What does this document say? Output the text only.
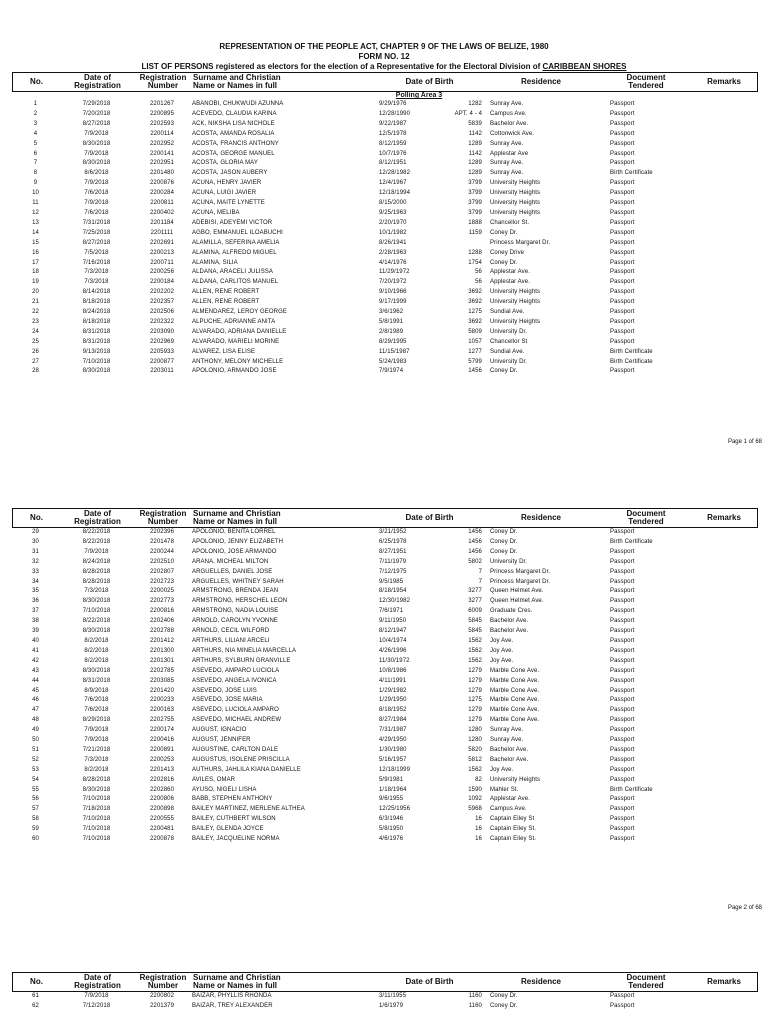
REPRESENTATION OF THE PEOPLE ACT, CHAPTER 9 OF THE LAWS OF BELIZE, 1980
FORM NO. 12
LIST OF PERSONS registered as electors for the election of a Representative for the Electoral Division of CARIBBEAN SHORES
No.	Date of
Registration

Registration
Number

Surname and Christian
Name or Names in full	Date of Birth	Residence	Document
Tendered	Remarks
Polling Area 3
1	7/29/2018	2201267	ABANOBI, CHUKWUDI AZUNNA	9/29/1976	1282	Sunray Ave.	Passport	
2	7/20/2018	2200895	ACEVEDO, CLAUDIA KARINA	12/28/1990	APT. 4 - 4	Campus Ave.	Passport	
3	8/27/2018	2202593	ACK, NIKSHA LISA NICHOLE	9/22/1987	5839	Bachelor Ave.	Passport	
4	7/9/2018	2200114	ACOSTA, AMANDA ROSALIA	12/5/1978	1142	Cottonwick Ave.	Passport	
5	8/30/2018	2202952	ACOSTA, FRANCIS ANTHONY	8/12/1959	1289	Sunray Ave.	Passport	
6	7/9/2018	2200141	ACOSTA, GEORGE MANUEL	10/7/1976	1142	Applestar Ave	Passport	
7	8/30/2018	2202951	ACOSTA, GLORIA MAY	8/12/1951	1289	Sunray Ave.	Passport	
8	8/6/2018	2201480	ACOSTA, JASON AUBERY	12/28/1982	1289	Sunray Ave.	Birth Certificate	
9	7/9/2018	2200876	ACUNA, HENRY JAVIER	12/4/1967	3799	University Heights	Passport	
10	7/6/2018	2200284	ACUNA, LUIGI JAVIER	12/18/1994	3799	University Heights	Passport	
11	7/9/2018	2200811	ACUNA, MAITE LYNETTE	8/15/2000	3799	University Heights	Passport	
12	7/6/2018	2200402	ACUNA, MELIBA	9/25/1963	3799	University Heights	Passport	
13	7/31/2018	2201184	ADEBISI, ADEYEMI VICTOR	2/20/1970	1888	Chancellor St.	Passport	
14	7/25/2018	2201111	AGBO, EMMANUEL ILOABUCHI	10/1/1982	1159	Coney Dr.	Passport	
15	8/27/2018	2202691	ALAMILLA, SEFERINA AMELIA	8/26/1941		Princess Margaret Dr.	Passport	
16	7/5/2018	2200213	ALAMINA, ALFREDO MIGUEL	2/28/1963	1288	Coney Drive	Passport	
17	7/16/2018	2200711	ALAMINA, SILIA	4/14/1976	1754	Coney Dr.	Passport	
18	7/3/2018	2200256	ALDANA, ARACELI JULISSA	11/29/1972	56	Applestar Ave.	Passport	
19	7/3/2018	2200184	ALDANA, CARLITOS MANUEL	7/20/1972	56	Applestar Ave.	Passport	
20	8/14/2018	2202202	ALLEN, RENE ROBERT	9/10/1966	3692	University Heights	Passport	
21	8/18/2018	2202357	ALLEN, RENE ROBERT	9/17/1999	3692	University Heights	Passport	
22	8/24/2018	2202506	ALMENDAREZ, LEROY GEORGE	3/6/1962	1275	Sundial Ave.	Passport	
23	8/18/2018	2202322	ALPUCHE, ADRIANNE ANITA	5/8/1991	3692	University Heights	Passport	
24	8/31/2018	2203090	ALVARADO, ADRIANA DANIELLE	2/8/1989	5809	University Dr.	Passport	
25	8/31/2018	2202969	ALVARADO, MARIELI MORINE	8/29/1995	1057	Chancellor St	Passport	
26	9/13/2018	2205933	ALVAREZ, LISA ELISE	11/15/1987	1277	Sundial Ave.	Birth Certificate	
27	7/10/2018	2200877	ANTHONY, MELONY MICHELLE	5/24/1983	5799	University Dr.	Birth Certificate	
28	8/30/2018	2203011	APOLONIO, ARMANDO JOSE	7/9/1974	1456	Coney Dr.	Passport	
Page 1 of 68
No.	Date of
Registration

Registration
Number

Surname and Christian
Name or Names in full	Date of Birth	Residence	Document
Tendered	Remarks
29	8/22/2018	2202396	APOLONIO, BENITA LORREL	3/21/1952	1456	Coney Dr.	Passport	
30	8/22/2018	2201478	APOLONIO, JENNY ELIZABETH	6/25/1978	1456	Coney Dr.	Birth Certificate	
31	7/9/2018	2200244	APOLONIO, JOSE ARMANDO	8/27/1951	1456	Coney Dr.	Passport	
32	8/24/2018	2202510	ARANA, MICHEAL MILTON	7/11/1979	5802	University Dr.	Passport	
33	8/28/2018	2202807	ARGUELLES, DANIEL JOSE	7/12/1975	7	Princess Margaret Dr.	Passport	
34	8/28/2018	2202723	ARGUELLES, WHITNEY SARAH	9/5/1985	7	Princess Margaret Dr.	Passport	
35	7/3/2018	2200025	ARMSTRONG, BRENDA JEAN	8/18/1954	3277	Queen Helmet Ave.	Passport	
36	8/30/2018	2202773	ARMSTRONG, HERSCHEL LEON	12/30/1982	3277	Queen Helmet Ave.	Passport	
37	7/10/2018	2200816	ARMSTRONG, NADIA LOUISE	7/6/1971	6009	Graduate Cres.	Passport	
38	8/22/2018	2202406	ARNOLD, CAROLYN YVONNE	9/11/1950	5845	Bachelor Ave.	Passport	
39	8/30/2018	2202788	ARNOLD, CECIL WILFORD	8/12/1947	5845	Bachelor Ave.	Passport	
40	8/2/2018	2201412	ARTHURS, LILIANI ARCELI	10/4/1974	1562	Joy Ave.	Passport	
41	8/2/2018	2201300	ARTHURS, NIA MINELIA MARCELLA	4/26/1996	1562	Joy Ave.	Passport	
42	8/2/2018	2201301	ARTHURS, SYLBURN GRANVILLE	11/30/1972	1562	Joy Ave.	Passport	
43	8/30/2018	2202785	ASEVEDO, AMPARO LUCIOLA	10/8/1986	1279	Marble Cone Ave.	Passport	
44	8/31/2018	2203085	ASEVEDO, ANGELA IVONICA	4/11/1991	1279	Marble Cone Ave.	Passport	
45	8/9/2018	2201420	ASEVEDO, JOSE LUIS	1/29/1982	1279	Marble Cone Ave.	Passport	
46	7/6/2018	2200233	ASEVEDO, JOSE MARIA	1/29/1950	1275	Marble Cone Ave.	Passport	
47	7/6/2018	2200163	ASEVEDO, LUCIOLA AMPARO	8/18/1952	1279	Marble Cone Ave.	Passport	
48	8/29/2018	2202755	ASEVEDO, MICHAEL ANDREW	8/27/1984	1279	Marble Cone Ave.	Passport	
49	7/9/2018	2200174	AUGUST, IGNACIO	7/31/1987	1280	Sunray Ave.	Passport	
50	7/9/2018	2200416	AUGUST, JENNIFER	4/29/1950	1280	Sunray Ave.	Passport	
51	7/21/2018	2200891	AUGUSTINE, CARLTON DALE	1/30/1980	5820	Bachelor Ave.	Passport	
52	7/3/2018	2200253	AUGUSTUS, ISOLENE PRISCILLA	5/16/1957	5812	Bachelor Ave.	Passport	
53	8/2/2018	2201413	AUTHURS, JAHLILA KIANA DANIELLE	12/18/1999	1562	Joy Ave.	Passport	
54	8/28/2018	2202816	AVILES, OMAR	5/9/1981	82	University Heights	Passport	
55	8/30/2018	2202860	AYUSO, NIGELI LISHA	1/18/1964	1590	Mahler St.	Birth Certificate	
56	7/10/2018	2200806	BABB, STEPHEN ANTHONY	9/6/1955	1092	Applestar Ave.	Passport	
57	7/18/2018	2200898	BAILEY MARTINEZ, MERLENE ALTHEA	12/25/1956	5968	Campus Ave.	Passport	
58	7/10/2018	2200555	BAILEY, CUTHBERT WILSON	6/3/1946	16	Captain Eiley St	Passport	
59	7/10/2018	2200481	BAILEY, GLENDA JOYCE	5/8/1950	16	Captain Eiley St.	Passport	
60	7/10/2018	2200878	BAILEY, JACQUELINE NORMA	4/6/1976	16	Captain Eiley St.	Passport	
Page 2 of 68
No.	Date of
Registration

Registration
Number

Surname and Christian
Name or Names in full	Date of Birth	Residence	Document
Tendered	Remarks
61	7/9/2018	2200802	BAIZAR, PHYLLIS RHONDA	3/11/1955	1160	Coney Dr.	Passport	
62	7/12/2018	2201379	BAIZAR, TREY ALEXANDER	1/6/1979	1160	Coney Dr.	Passport	
